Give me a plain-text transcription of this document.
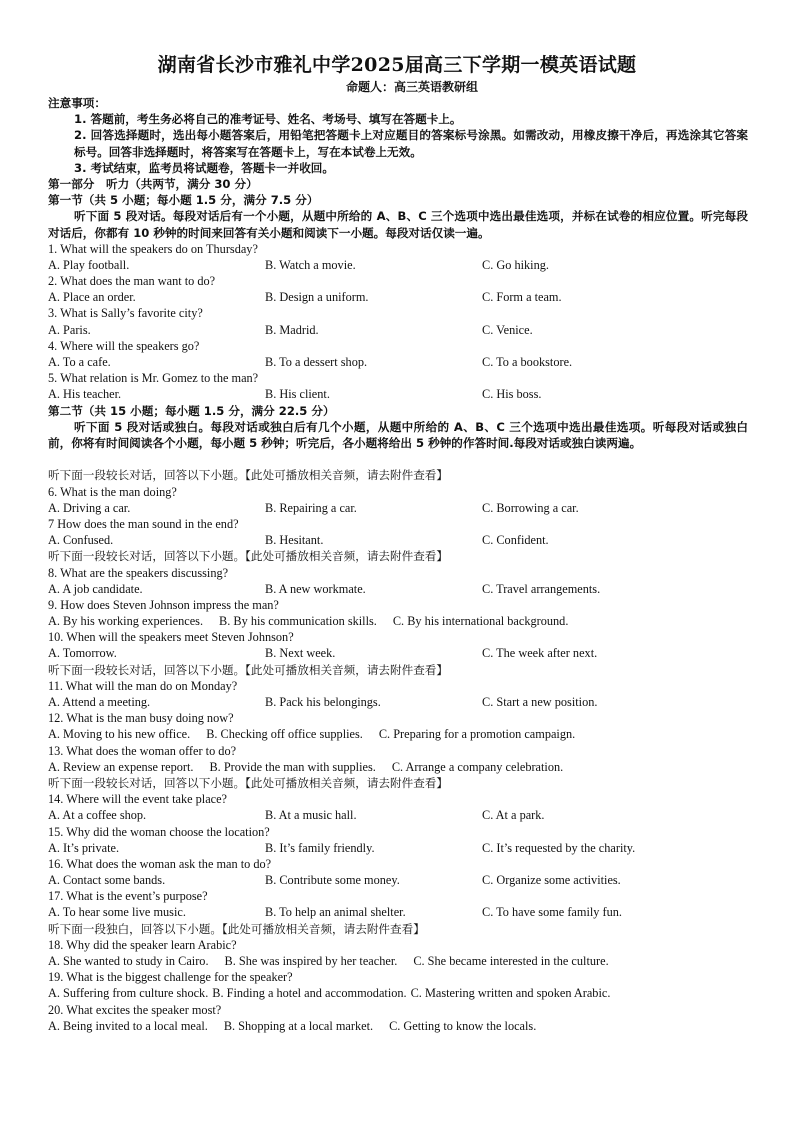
湖南省长沙市雅礼中学2025届高三下学期一模英语试题
命题人：高三英语教研组
注意事项：
1. 答题前，考生务必将自己的准考证号、姓名、考场号、填写在答题卡上。
2. 回答选择题时，选出每小题答案后，用铅笔把答题卡上对应题目的答案标号涂黑。如需改动，用橡皮擦干净后，再选涂其它答案标号。回答非选择题时，将答案写在答题卡上，写在本试卷上无效。
3. 考试结束，监考员将试题卷，答题卡一并收回。
第一部分　听力（共两节，满分 30 分）
第一节（共 5 小题；每小题 1.5 分，满分 7.5 分）
听下面 5 段对话。每段对话后有一个小题，从题中所给的 A、B、C 三个选项中选出最佳选项，并标在试卷的相应位置。听完每段对话后，你都有 10 秒钟的时间来回答有关小题和阅读下一小题。每段对话仅读一遍。
1. What will the speakers do on Thursday?
A. Play football.	B. Watch a movie.	C. Go hiking.
2. What does the man want to do?
A. Place an order.	B. Design a uniform.	C. Form a team.
3. What is Sally’s favorite city?
A. Paris.	B. Madrid.	C. Venice.
4. Where will the speakers go?
A. To a cafe.	B. To a dessert shop.	C. To a bookstore.
5. What relation is Mr. Gomez to the man?
A. His teacher.	B. His client.	C. His boss.
第二节（共 15 小题；每小题 1.5 分，满分 22.5 分）
听下面 5 段对话或独白。每段对话或独白后有几个小题，从题中所给的 A、B、C 三个选项中选出最佳选项。听每段对话或独白前，你将有时间阅读各个小题，每小题 5 秒钟；听完后，各小题将给出 5 秒钟的作答时间.每段对话或独白读两遍。
听下面一段较长对话，回答以下小题。【此处可播放相关音频，请去附件查看】
6. What is the man doing?
A. Driving a car.	B. Repairing a car.	C. Borrowing a car.
7 How does the man sound in the end?
A. Confused.	B. Hesitant.	C. Confident.
听下面一段较长对话，回答以下小题。【此处可播放相关音频，请去附件查看】
8. What are the speakers discussing?
A. A job candidate.	B. A new workmate.	C. Travel arrangements.
9. How does Steven Johnson impress the man?
A. By his working experiences. B. By his communication skills. C. By his international background.
10. When will the speakers meet Steven Johnson?
A. Tomorrow.	B. Next week.	C. The week after next.
听下面一段较长对话，回答以下小题。【此处可播放相关音频，请去附件查看】
11. What will the man do on Monday?
A. Attend a meeting.	B. Pack his belongings.	C. Start a new position.
12. What is the man busy doing now?
A. Moving to his new office. B. Checking off office supplies. C. Preparing for a promotion campaign.
13. What does the woman offer to do?
A. Review an expense report. B. Provide the man with supplies. C. Arrange a company celebration.
听下面一段较长对话，回答以下小题。【此处可播放相关音频，请去附件查看】
14. Where will the event take place?
A. At a coffee shop.	B. At a music hall.	C. At a park.
15. Why did the woman choose the location?
A. It’s private.	B. It’s family friendly.	C. It’s requested by the charity.
16. What does the woman ask the man to do?
A. Contact some bands.	B. Contribute some money.	C. Organize some activities.
17. What is the event’s purpose?
A. To hear some live music.	B. To help an animal shelter.	C. To have some family fun.
听下面一段独白，回答以下小题。【此处可播放相关音频，请去附件查看】
18. Why did the speaker learn Arabic?
A. She wanted to study in Cairo. B. She was inspired by her teacher. C. She became interested in the culture.
19. What is the biggest challenge for the speaker?
A. Suffering from culture shock. B. Finding a hotel and accommodation. C. Mastering written and spoken Arabic.
20. What excites the speaker most?
A. Being invited to a local meal. B. Shopping at a local market. C. Getting to know the locals.
